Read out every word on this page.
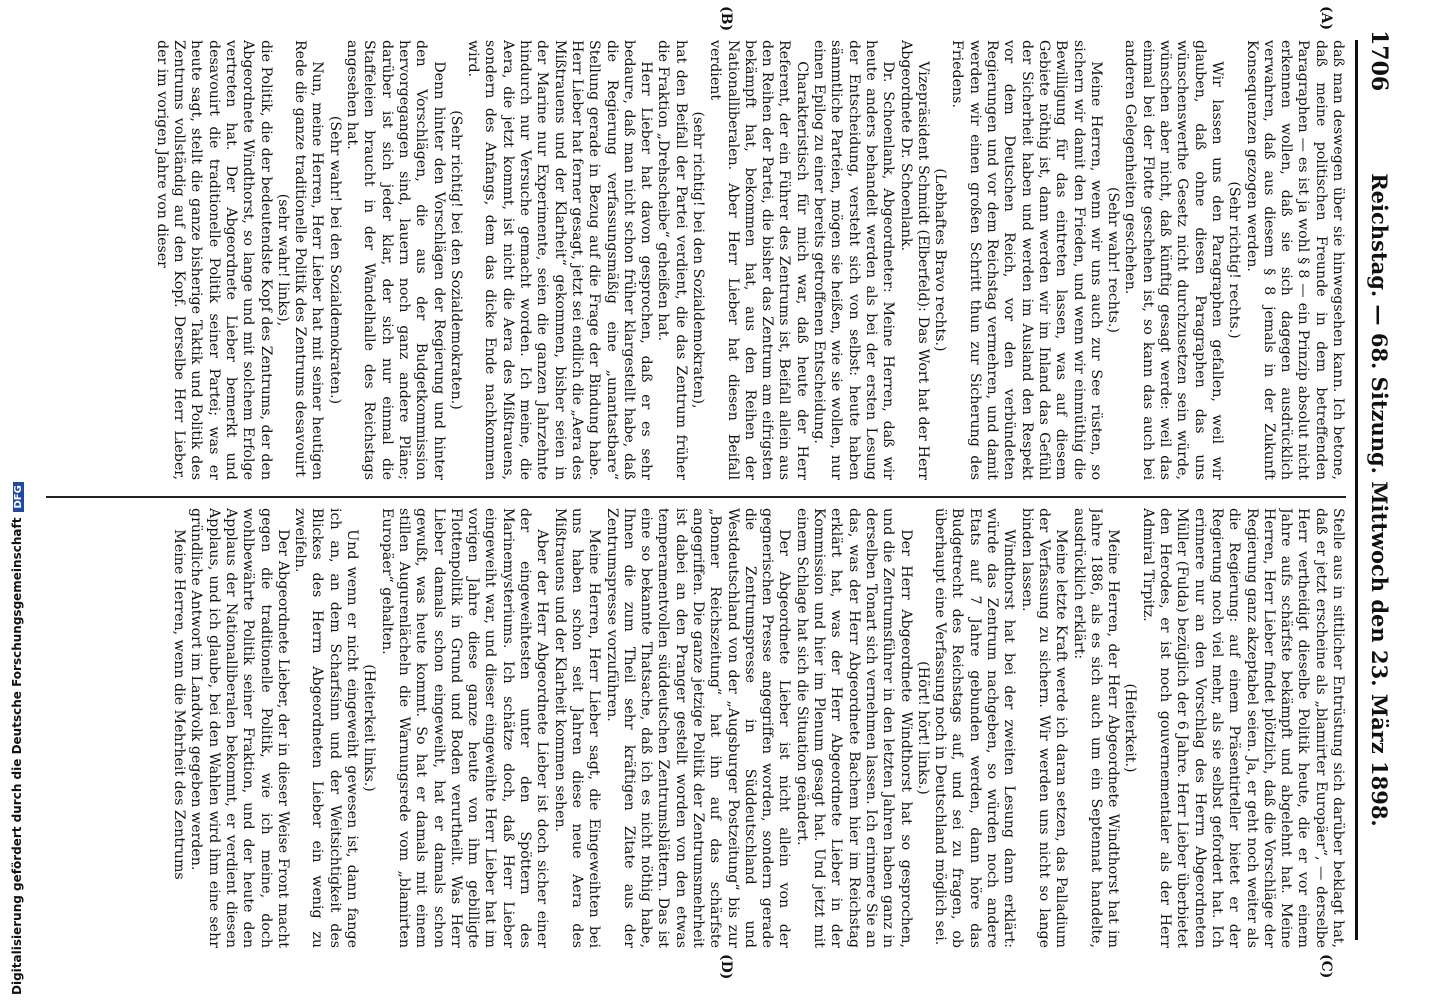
1706
Reichstag. — 68. Sitzung. Mittwoch den 23. März 1898.
(A)
(B)
(C)
(D)

daß man deswegen über sie hinwegsehen kann. Ich betone, daß meine politischen Freunde in dem betreffenden Paragraphen — es ist ja wohl § 8 — ein Prinzip absolut nicht erkennen wollen, daß sie sich dagegen ausdrücklich verwahren, daß aus diesem § 8 jemals in der Zukunft Konsequenzen gezogen werden.

(Sehr richtig! rechts.)

Wir lassen uns den Paragraphen gefallen, weil wir glauben, daß ohne diesen Paragraphen das uns wünschenswerthe Gesetz nicht durchzusetzen sein würde, wünschen aber nicht, daß künftig gesagt werde: weil das einmal bei der Flotte geschehen ist, so kann das auch bei anderen Gelegenheiten geschehen.

(Sehr wahr! rechts.)

Meine Herren, wenn wir uns auch zur See rüsten, so sichern wir damit den Frieden, und wenn wir einmüthig die Bewilligung für das eintreten lassen, was auf diesem Gebiete nöthig ist, dann werden wir im Inland das Gefühl der Sicherheit haben und werden im Ausland den Respekt vor dem Deutschen Reich, vor den verbündeten Regierungen und vor dem Reichstag vermehren, und damit werden wir einen großen Schritt thun zur Sicherung des Friedens.

(Lebhaftes Bravo rechts.)

Vizepräsident Schmidt (Elberfeld): Das Wort hat der Herr Abgeordnete Dr. Schoenlank.

Dr. Schoenlank, Abgeordneter: Meine Herren, daß wir heute anders behandelt werden als bei der ersten Lesung der Entscheidung, versteht sich von selbst: heute haben sämmtliche Parteien, mögen sie heißen, wie sie wollen, nur einen Epilog zu einer bereits getroffenen Entscheidung.

Charakteristisch für mich war, daß heute der Herr Referent, der ein Führer des Zentrums ist, Beifall allein aus den Reihen der Partei, die bisher das Zentrum am eifrigsten bekämpft hat, bekommen hat, aus den Reihen der Nationalliberalen. Aber Herr Lieber hat diesen Beifall verdient

(sehr richtig! bei den Sozialdemokraten),

hat den Beifall der Partei verdient, die das Zentrum früher die Fraktion „Drehscheibe“ geheißen hat.

Herr Lieber hat davon gesprochen, daß er es sehr bedaure, daß man nicht schon früher klargestellt habe, daß die Regierung verfassungsmäßig eine „unantastbare“ Stellung gerade in Bezug auf die Frage der Bindung habe. Herr Lieber hat ferner gesagt, jetzt sei endlich die „Aera des Mißtrauens und der Klarheit“ gekommen, bisher seien in der Marine nur Experimente, seien die ganzen Jahrzehnte hindurch nur Versuche gemacht worden. Ich meine, die Aera, die jetzt kommt, ist nicht die Aera des Mißtrauens, sondern des Anfangs, dem das dicke Ende nachkommen wird.

(Sehr richtig! bei den Sozialdemokraten.)

Denn hinter den Vorschlägen der Regierung und hinter den Vorschlägen, die aus der Budgetkommission hervorgegangen sind, lauern noch ganz andere Pläne; darüber ist sich jeder klar, der sich nur einmal die Staffeleien braucht in der Wandelhalle des Reichstags angesehen hat.

(Sehr wahr! bei den Sozialdemokraten.)

Nun, meine Herren, Herr Lieber hat mit seiner heutigen Rede die ganze traditionelle Politik des Zentrums desavouirt

(sehr wahr! links),

die Politik, die der bedeutendste Kopf des Zentrums, der den Abgeordnete Windthorst, so lange und mit solchem Erfolge vertreten hat. Der Abgeordnete Lieber bemerkt und desavouirt die traditionelle Politik seiner Partei; was er heute sagt, stellt die ganze bisherige Taktik und Politik des Zentrums vollständig auf den Kopf. Derselbe Herr Lieber, der im vorigen Jahre von dieser

Stelle aus in sittlicher Entrüstung sich darüber beklagt hat, daß er jetzt erscheine als „blamirter Europäer“, — derselbe Herr vertheidigt dieselbe Politik heute, die er vor einem Jahre aufs schärfste bekämpft und abgelehnt hat. Meine Herren, Herr Lieber findet plötzlich, daß die Vorschläge der Regierung ganz akzeptabel seien. Ja, er geht noch weiter als die Regierung: auf einem Präsentirteller bietet er der Regierung noch viel mehr, als sie selbst gefordert hat. Ich erinnere nur an den Vorschlag des Herrn Abgeordneten Müller (Fulda) bezüglich der 6 Jahre. Herr Lieber überbietet den Herodes, er ist noch gouvernementaler als der Herr Admiral Tirpitz.

(Heiterkeit.)

Meine Herren, der Herr Abgeordnete Windthorst hat im Jahre 1886, als es sich auch um ein Septennat handelte, ausdrücklich erklärt:

Meine letzte Kraft werde ich daran setzen, das Palladium der Verfassung zu sichern. Wir werden uns nicht so lange binden lassen.

Windthorst hat bei der zweiten Lesung dann erklärt: würde das Zentrum nachgeben, so würden noch andere Etats auf 7 Jahre gebunden werden, dann höre das Budgetrecht des Reichstags auf, und sei zu fragen, ob überhaupt eine Verfassung noch in Deutschland möglich sei.

(Hört! hört! links.)

Der Herr Abgeordnete Windthorst hat so gesprochen, und die Zentrumsführer in den letzten Jahren haben ganz in derselben Tonart sich vernehmen lassen. Ich erinnere Sie an das, was der Herr Abgeordnete Bachem hier im Reichstag erklärt hat, was der Herr Abgeordnete Lieber in der Kommission und hier im Plenum gesagt hat. Und jetzt mit einem Schlage hat sich die Situation geändert.

Der Abgeordnete Lieber ist nicht allein von der gegnerischen Presse angegriffen worden, sondern gerade die Zentrumspresse in Süddeutschland und Westdeutschland von der „Augsburger Postzeitung“ bis zur „Bonner Reichszeitung“ hat ihn auf das schärfste angegriffen. Die ganze jetzige Politik der Zentrumsmehrheit ist dabei an den Pranger gestellt worden von den etwas temperamentvollen süddeutschen Zentrumsblättern. Das ist eine so bekannte Thatsache, daß ich es nicht nöthig habe, Ihnen die zum Theil sehr kräftigen Zitate aus der Zentrumspresse vorzuführen.

Meine Herren, Herr Lieber sagt, die Eingeweihten bei uns haben schon seit Jahren diese neue Aera des Mißtrauens und der Klarheit kommen sehen.

Aber der Herr Abgeordnete Lieber ist doch sicher einer der eingeweihtesten unter den Spöttern des Marinemysteriums. Ich schätze doch, daß Herr Lieber eingeweiht war, und dieser eingeweihte Herr Lieber hat im vorigen Jahre diese ganze heute von ihm gebilligte Flottenpolitik in Grund und Boden verurtheilt. Was Herr Lieber damals schon eingeweiht, hat er damals schon gewußt, was heute kommt. So hat er damals mit einem stillen Augurenlächeln die Warnungsrede vom „blamirten Europäer“ gehalten.

(Heiterkeit links.)

Und wenn er nicht eingeweiht gewesen ist, dann fange ich an, an dem Scharfsinn und der Weitsichtigkeit des Blickes des Herrn Abgeordneten Lieber ein wenig zu zweifeln.

Der Abgeordnete Lieber, der in dieser Weise Front macht gegen die traditionelle Politik, wie ich meine, doch wohlbewährte Politik seiner Fraktion, und der heute den Applaus der Nationalliberalen bekommt, er verdient diesen Applaus, und ich glaube, bei den Wahlen wird ihm eine sehr gründliche Antwort im Landvolk gegeben werden.

Meine Herren, wenn die Mehrheit des Zentrums

Digitalisierung gefördert durch die Deutsche ForschungsgemeinschaftDFG
